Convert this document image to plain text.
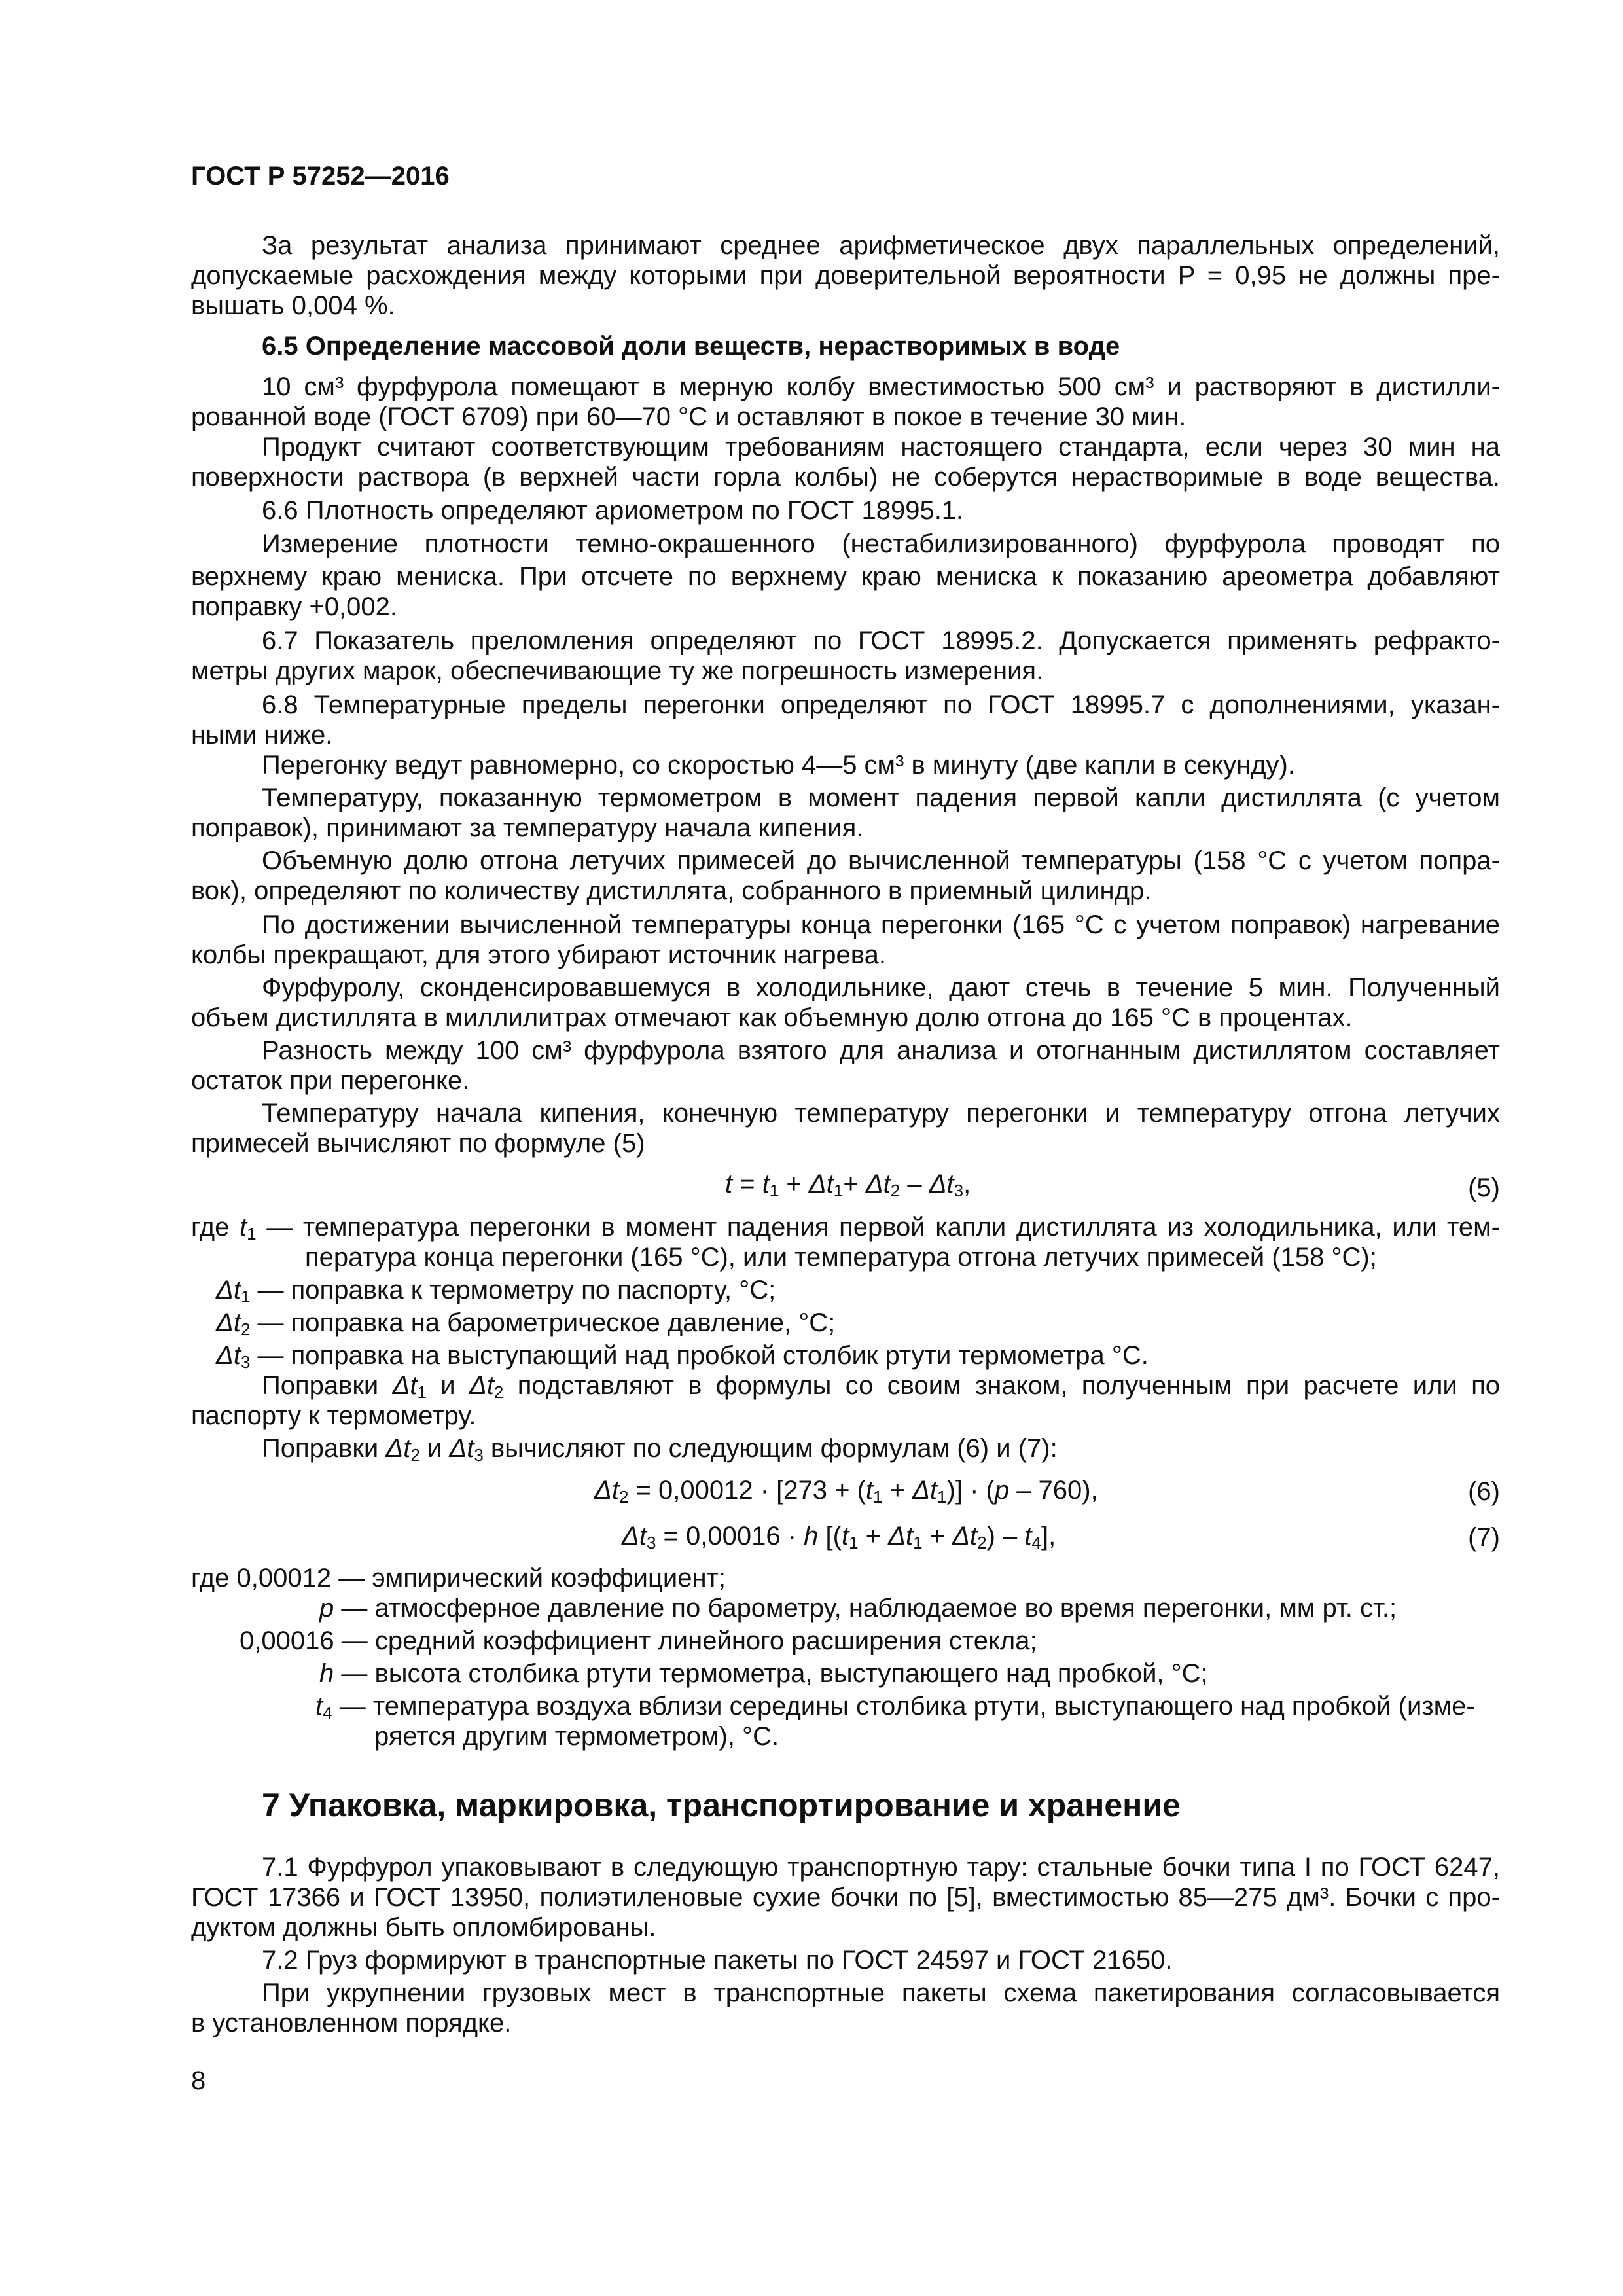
ГОСТ Р 57252—2016
За результат анализа принимают среднее арифметическое двух параллельных определений,
допускаемые расхождения между которыми при доверительной вероятности P = 0,95 не должны пре-
вышать 0,004 %.
6.5 Определение массовой доли веществ, нерастворимых в воде
10 см³ фурфурола помещают в мерную колбу вместимостью 500 см³ и растворяют в дистилли-
рованной воде (ГОСТ 6709) при 60—70 °С и оставляют в покое в течение 30 мин.
Продукт считают соответствующим требованиям настоящего стандарта, если через 30 мин на
поверхности раствора (в верхней части горла колбы) не соберутся нерастворимые в воде вещества.
6.6 Плотность определяют ариометром по ГОСТ 18995.1.
Измерение плотности темно-окрашенного (нестабилизированного) фурфурола проводят по
верхнему краю мениска. При отсчете по верхнему краю мениска к показанию ареометра добавляют
поправку +0,002.
6.7 Показатель преломления определяют по ГОСТ 18995.2. Допускается применять рефракто-
метры других марок, обеспечивающие ту же погрешность измерения.
6.8 Температурные пределы перегонки определяют по ГОСТ 18995.7 с дополнениями, указан-
ными ниже.
Перегонку ведут равномерно, со скоростью 4—5 см³ в минуту (две капли в секунду).
Температуру, показанную термометром в момент падения первой капли дистиллята (с учетом
поправок), принимают за температуру начала кипения.
Объемную долю отгона летучих примесей до вычисленной температуры (158 °С с учетом попра-
вок), определяют по количеству дистиллята, собранного в приемный цилиндр.
По достижении вычисленной температуры конца перегонки (165 °С с учетом поправок) нагревание
колбы прекращают, для этого убирают источник нагрева.
Фурфуролу, сконденсировавшемуся в холодильнике, дают стечь в течение 5 мин. Полученный
объем дистиллята в миллилитрах отмечают как объемную долю отгона до 165 °С в процентах.
Разность между 100 см³ фурфурола взятого для анализа и отогнанным дистиллятом составляет
остаток при перегонке.
Температуру начала кипения, конечную температуру перегонки и температуру отгона летучих
примесей вычисляют по формуле (5)
$t = t_1 + \Delta t_1+ \Delta t_2 - \Delta t_3$,	(5)
где $t_1$ — температура перегонки в момент падения первой капли дистиллята из холодильника, или тем-
пература конца перегонки (165 °С), или температура отгона летучих примесей (158 °С);
$\Delta t_1$ — поправка к термометру по паспорту, °С;
$\Delta t_2$ — поправка на барометрическое давление, °С;
$\Delta t_3$ — поправка на выступающий над пробкой столбик ртути термометра °С.
Поправки $\Delta t_1$ и $\Delta t_2$ подставляют в формулы со своим знаком, полученным при расчете или по
паспорту к термометру.
Поправки $\Delta t_2$ и $\Delta t_3$ вычисляют по следующим формулам (6) и (7):
$\Delta t_2 = 0,00012 \cdot [273 + (t_1 + \Delta t_1)] \cdot (p - 760)$,	(6)
$\Delta t_3 = 0,00016 \cdot h$ $[(t_1 + \Delta t_1 + \Delta t_2) - t_4]$,	(7)
где 0,00012 — эмпирический коэффициент;
p — атмосферное давление по барометру, наблюдаемое во время перегонки, мм рт. ст.;
0,00016 — средний коэффициент линейного расширения стекла;
h — высота столбика ртути термометра, выступающего над пробкой, °С;
$t_4$ — температура воздуха вблизи середины столбика ртути, выступающего над пробкой (изме-
ряется другим термометром), °С.
7 Упаковка, маркировка, транспортирование и хранение
7.1 Фурфурол упаковывают в следующую транспортную тару: стальные бочки типа I по ГОСТ 6247,
ГОСТ 17366 и ГОСТ 13950, полиэтиленовые сухие бочки по [5], вместимостью 85—275 дм³. Бочки с про-
дуктом должны быть опломбированы.
7.2 Груз формируют в транспортные пакеты по ГОСТ 24597 и ГОСТ 21650.
При укрупнении грузовых мест в транспортные пакеты схема пакетирования согласовывается
в установленном порядке.
8
